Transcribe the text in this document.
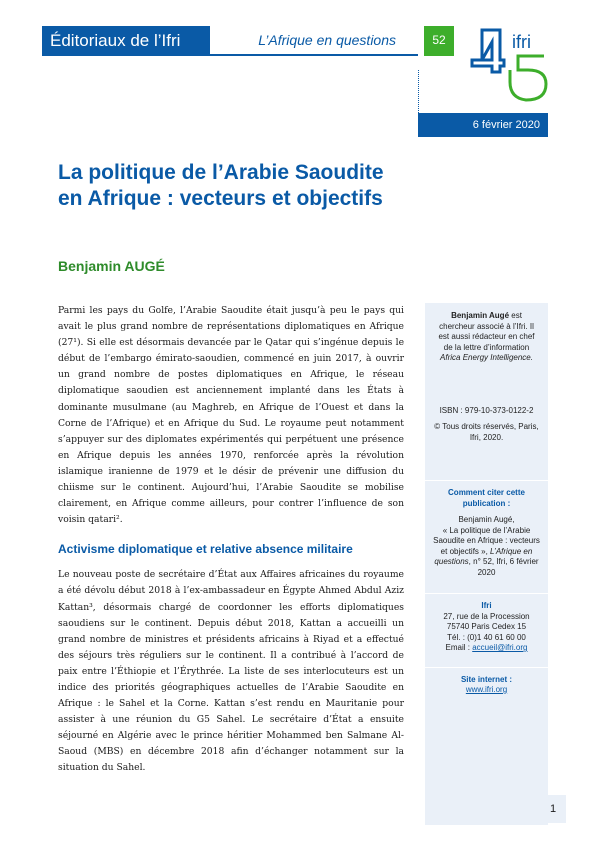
Éditoriaux de l’Ifri	L’Afrique en questions	52	ifri
6 février 2020
La politique de l’Arabie Saoudite en Afrique : vecteurs et objectifs
Benjamin AUGÉ

Parmi les pays du Golfe, l’Arabie Saoudite était jusqu’à peu le pays qui avait le plus grand nombre de représentations diplomatiques en Afrique (27¹). Si elle est désormais devancée par le Qatar qui s’ingénue depuis le début de l’embargo émirato-saoudien, commencé en juin 2017, à ouvrir un grand nombre de postes diplomatiques en Afrique, le réseau diplomatique saoudien est anciennement implanté dans les États à dominante musulmane (au Maghreb, en Afrique de l’Ouest et dans la Corne de l’Afrique) et en Afrique du Sud. Le royaume peut notamment s’appuyer sur des diplomates expérimentés qui perpétuent une présence en Afrique depuis les années 1970, renforcée après la révolution islamique iranienne de 1979 et le désir de prévenir une diffusion du chiisme sur le continent. Aujourd’hui, l’Arabie Saoudite se mobilise clairement, en Afrique comme ailleurs, pour contrer l’influence de son voisin qatari².

Activisme diplomatique et relative absence militaire

Le nouveau poste de secrétaire d’État aux Affaires africaines du royaume a été dévolu début 2018 à l’ex-ambassadeur en Égypte Ahmed Abdul Aziz Kattan³, désormais chargé de coordonner les efforts diplomatiques saoudiens sur le continent. Depuis début 2018, Kattan a accueilli un grand nombre de ministres et présidents africains à Riyad et a effectué des séjours très réguliers sur le continent. Il a contribué à l’accord de paix entre l’Éthiopie et l’Érythrée. La liste de ses interlocuteurs est un indice des priorités géographiques actuelles de l’Arabie Saoudite en Afrique : le Sahel et la Corne. Kattan s’est rendu en Mauritanie pour assister à une réunion du G5 Sahel. Le secrétaire d’État a ensuite séjourné en Algérie avec le prince héritier Mohammed ben Salmane Al-Saoud (MBS) en décembre 2018 afin d’échanger notamment sur la situation du Sahel.

Benjamin Augé est chercheur associé à l’Ifri. Il est aussi rédacteur en chef de la lettre d’information Africa Energy Intelligence.
ISBN : 979-10-373-0122-2
© Tous droits réservés, Paris, Ifri, 2020.
Comment citer cette publication :
Benjamin Augé,
« La politique de l’Arabie Saoudite en Afrique : vecteurs et objectifs », L’Afrique en questions, n° 52, Ifri, 6 février 2020
Ifri
27, rue de la Procession
75740 Paris Cedex 15
Tél. : (0)1 40 61 60 00
Email : accueil@ifri.org
Site internet :
www.ifri.org
1
